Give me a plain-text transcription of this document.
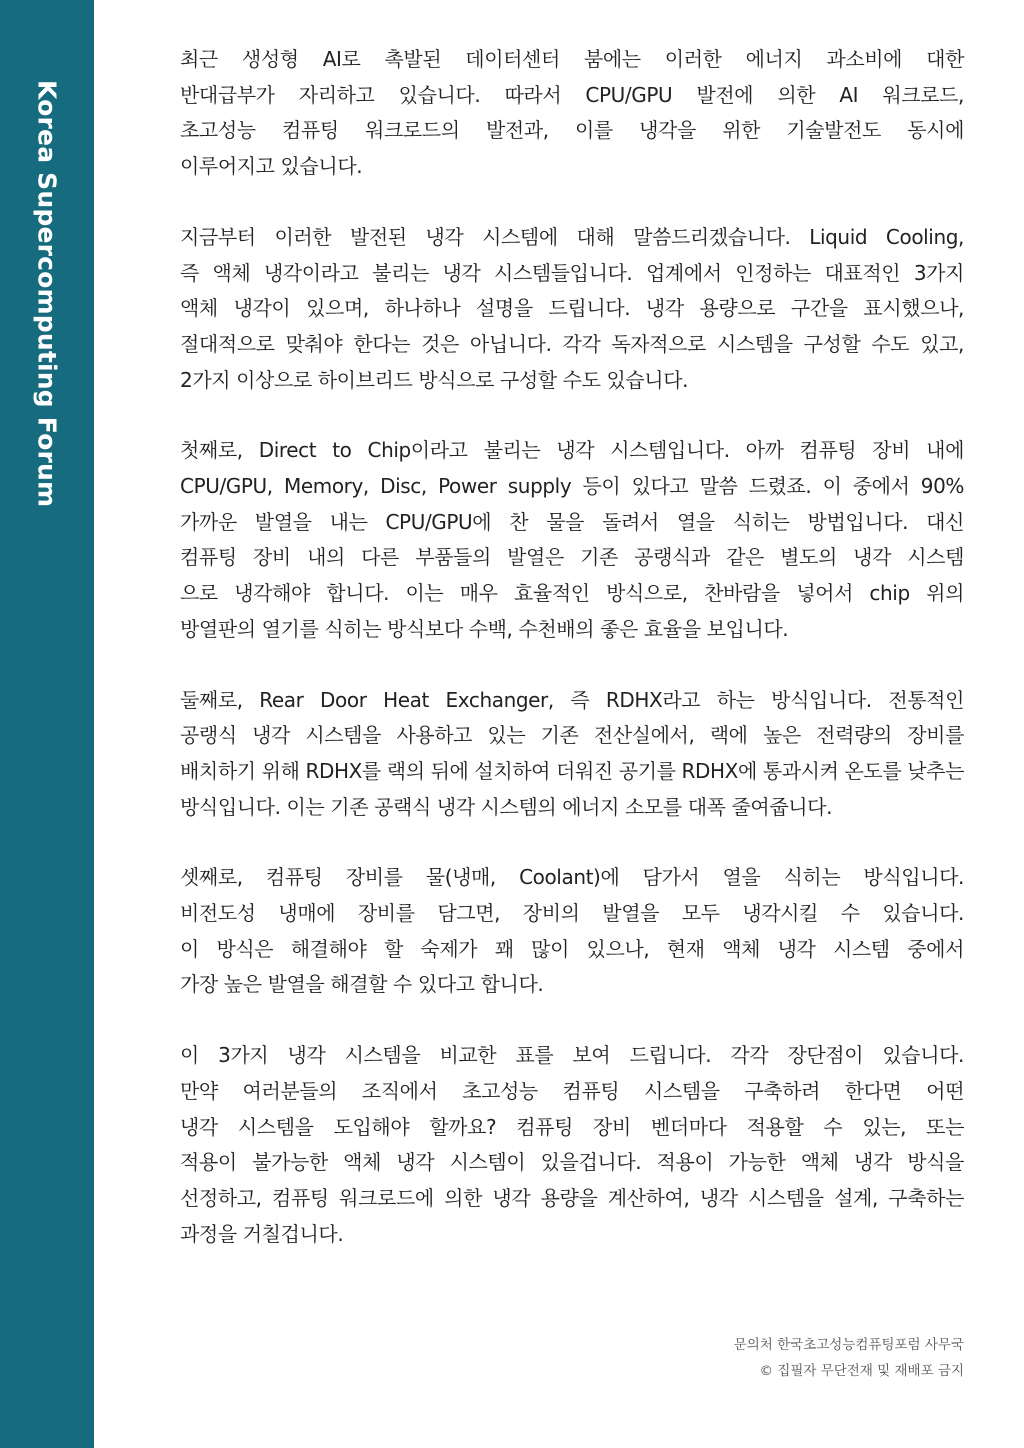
Korea Supercomputing Forum
최근 생성형 AI로 촉발된 데이터센터 붐에는 이러한 에너지 과소비에 대한
반대급부가 자리하고 있습니다. 따라서 CPU/GPU 발전에 의한 AI 워크로드,
초고성능 컴퓨팅 워크로드의 발전과, 이를 냉각을 위한 기술발전도 동시에
이루어지고 있습니다.
지금부터 이러한 발전된 냉각 시스템에 대해 말씀드리겠습니다. Liquid Cooling,
즉 액체 냉각이라고 불리는 냉각 시스템들입니다. 업계에서 인정하는 대표적인 3가지
액체 냉각이 있으며, 하나하나 설명을 드립니다. 냉각 용량으로 구간을 표시했으나,
절대적으로 맞춰야 한다는 것은 아닙니다. 각각 독자적으로 시스템을 구성할 수도 있고,
2가지 이상으로 하이브리드 방식으로 구성할 수도 있습니다.
첫째로, Direct to Chip이라고 불리는 냉각 시스템입니다. 아까 컴퓨팅 장비 내에
CPU/GPU, Memory, Disc, Power supply 등이 있다고 말씀 드렸죠. 이 중에서 90%
가까운 발열을 내는 CPU/GPU에 찬 물을 돌려서 열을 식히는 방법입니다. 대신
컴퓨팅 장비 내의 다른 부품들의 발열은 기존 공랭식과 같은 별도의 냉각 시스템
으로 냉각해야 합니다. 이는 매우 효율적인 방식으로, 찬바람을 넣어서 chip 위의
방열판의 열기를 식히는 방식보다 수백, 수천배의 좋은 효율을 보입니다.
둘째로, Rear Door Heat Exchanger, 즉 RDHX라고 하는 방식입니다. 전통적인
공랭식 냉각 시스템을 사용하고 있는 기존 전산실에서, 랙에 높은 전력량의 장비를
배치하기 위해 RDHX를 랙의 뒤에 설치하여 더워진 공기를 RDHX에 통과시켜 온도를 낮추는
방식입니다. 이는 기존 공랙식 냉각 시스템의 에너지 소모를 대폭 줄여줍니다.
셋째로, 컴퓨팅 장비를 물(냉매, Coolant)에 담가서 열을 식히는 방식입니다.
비전도성 냉매에 장비를 담그면, 장비의 발열을 모두 냉각시킬 수 있습니다.
이 방식은 해결해야 할 숙제가 꽤 많이 있으나, 현재 액체 냉각 시스템 중에서
가장 높은 발열을 해결할 수 있다고 합니다.
이 3가지 냉각 시스템을 비교한 표를 보여 드립니다. 각각 장단점이 있습니다.
만약 여러분들의 조직에서 초고성능 컴퓨팅 시스템을 구축하려 한다면 어떤
냉각 시스템을 도입해야 할까요? 컴퓨팅 장비 벤더마다 적용할 수 있는, 또는
적용이 불가능한 액체 냉각 시스템이 있을겁니다. 적용이 가능한 액체 냉각 방식을
선정하고, 컴퓨팅 워크로드에 의한 냉각 용량을 계산하여, 냉각 시스템을 설계, 구축하는
과정을 거칠겁니다.
문의처 한국초고성능컴퓨팅포럼 사무국
© 집필자 무단전재 및 재배포 금지
